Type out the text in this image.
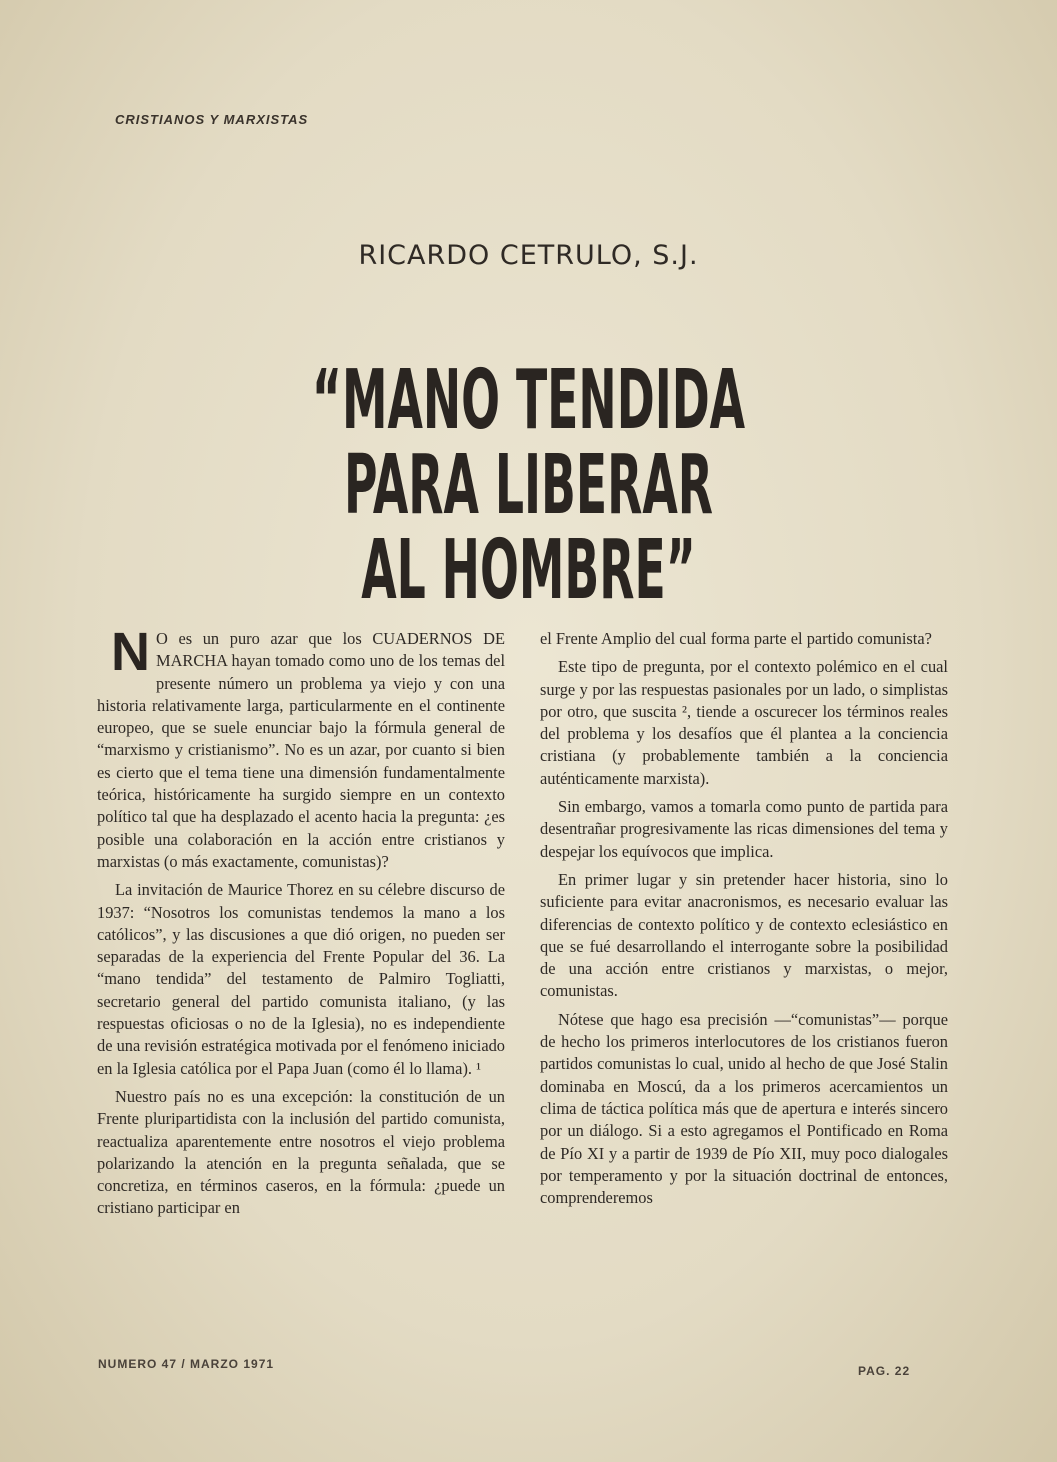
CRISTIANOS Y MARXISTAS
RICARDO CETRULO, S.J.
“MANO TENDIDA
PARA LIBERAR
AL HOMBRE”

N O es un puro azar que los CUADERNOS DE MARCHA hayan tomado como uno de los temas del presente número un problema ya viejo y con una historia relativamente larga, particularmente en el continente europeo, que se suele enunciar bajo la fórmula general de “marxismo y cristianismo”. No es un azar, por cuanto si bien es cierto que el tema tiene una dimensión fundamentalmente teórica, históricamente ha surgido siempre en un contexto político tal que ha desplazado el acento hacia la pregunta: ¿es posible una colaboración en la acción entre cristianos y marxistas (o más exactamente, comunistas)?

La invitación de Maurice Thorez en su célebre discurso de 1937: “Nosotros los comunistas tendemos la mano a los católicos”, y las discusiones a que dió origen, no pueden ser separadas de la experiencia del Frente Popular del 36. La “mano tendida” del testamento de Palmiro Togliatti, secretario general del partido comunista italiano, (y las respuestas oficiosas o no de la Iglesia), no es independiente de una revisión estratégica motivada por el fenómeno iniciado en la Iglesia católica por el Papa Juan (como él lo llama). ¹

Nuestro país no es una excepción: la constitución de un Frente pluripartidista con la inclusión del partido comunista, reactualiza aparentemente entre nosotros el viejo problema polarizando la atención en la pregunta señalada, que se concretiza, en términos caseros, en la fórmula: ¿puede un cristiano participar en

el Frente Amplio del cual forma parte el partido comunista?

Este tipo de pregunta, por el contexto polémico en el cual surge y por las respuestas pasionales por un lado, o simplistas por otro, que suscita ², tiende a oscurecer los términos reales del problema y los desafíos que él plantea a la conciencia cristiana (y probablemente también a la conciencia auténticamente marxista).

Sin embargo, vamos a tomarla como punto de partida para desentrañar progresivamente las ricas dimensiones del tema y despejar los equívocos que implica.

En primer lugar y sin pretender hacer historia, sino lo suficiente para evitar anacronismos, es necesario evaluar las diferencias de contexto político y de contexto eclesiástico en que se fué desarrollando el interrogante sobre la posibilidad de una acción entre cristianos y marxistas, o mejor, comunistas.

Nótese que hago esa precisión —“comunistas”— porque de hecho los primeros interlocutores de los cristianos fueron partidos comunistas lo cual, unido al hecho de que José Stalin dominaba en Moscú, da a los primeros acercamientos un clima de táctica política más que de apertura e interés sincero por un diálogo. Si a esto agregamos el Pontificado en Roma de Pío XI y a partir de 1939 de Pío XII, muy poco dialogales por temperamento y por la situación doctrinal de entonces, comprenderemos

NUMERO 47 / MARZO 1971	PAG. 22
